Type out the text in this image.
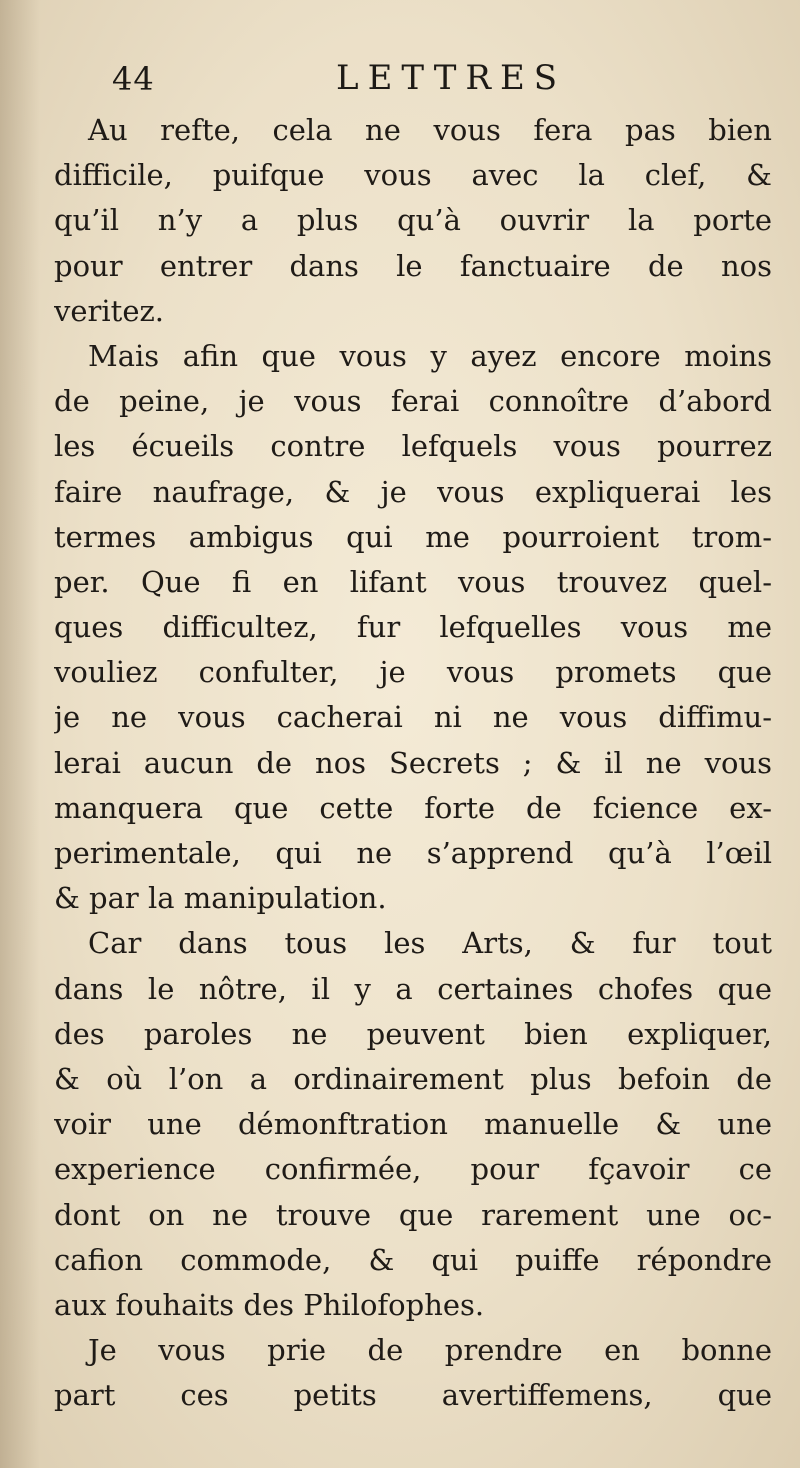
44	LETTRES
Au refte, cela ne vous fera pas bien
difficile, puifque vous avec la clef, &
qu’il n’y a plus qu’à ouvrir la porte
pour entrer dans le fanctuaire de nos
veritez.
Mais afin que vous y ayez encore moins
de peine, je vous ferai connoître d’abord
les écueils contre lefquels vous pourrez
faire naufrage, & je vous expliquerai les
termes ambigus qui me pourroient trom-
per. Que fi en lifant vous trouvez quel-
ques difficultez, fur lefquelles vous me
vouliez confulter, je vous promets que
je ne vous cacherai ni ne vous diffimu-
lerai aucun de nos Secrets ; & il ne vous
manquera que cette forte de fcience ex-
perimentale, qui ne s’apprend qu’à l’œil
& par la manipulation.
Car dans tous les Arts, & fur tout
dans le nôtre, il y a certaines chofes que
des paroles ne peuvent bien expliquer,
& où l’on a ordinairement plus befoin de
voir une démonftration manuelle & une
experience confirmée, pour fçavoir ce
dont on ne trouve que rarement une oc-
cafion commode, & qui puiffe répondre
aux fouhaits des Philofophes.
Je vous prie de prendre en bonne
part ces petits avertiffemens, que
